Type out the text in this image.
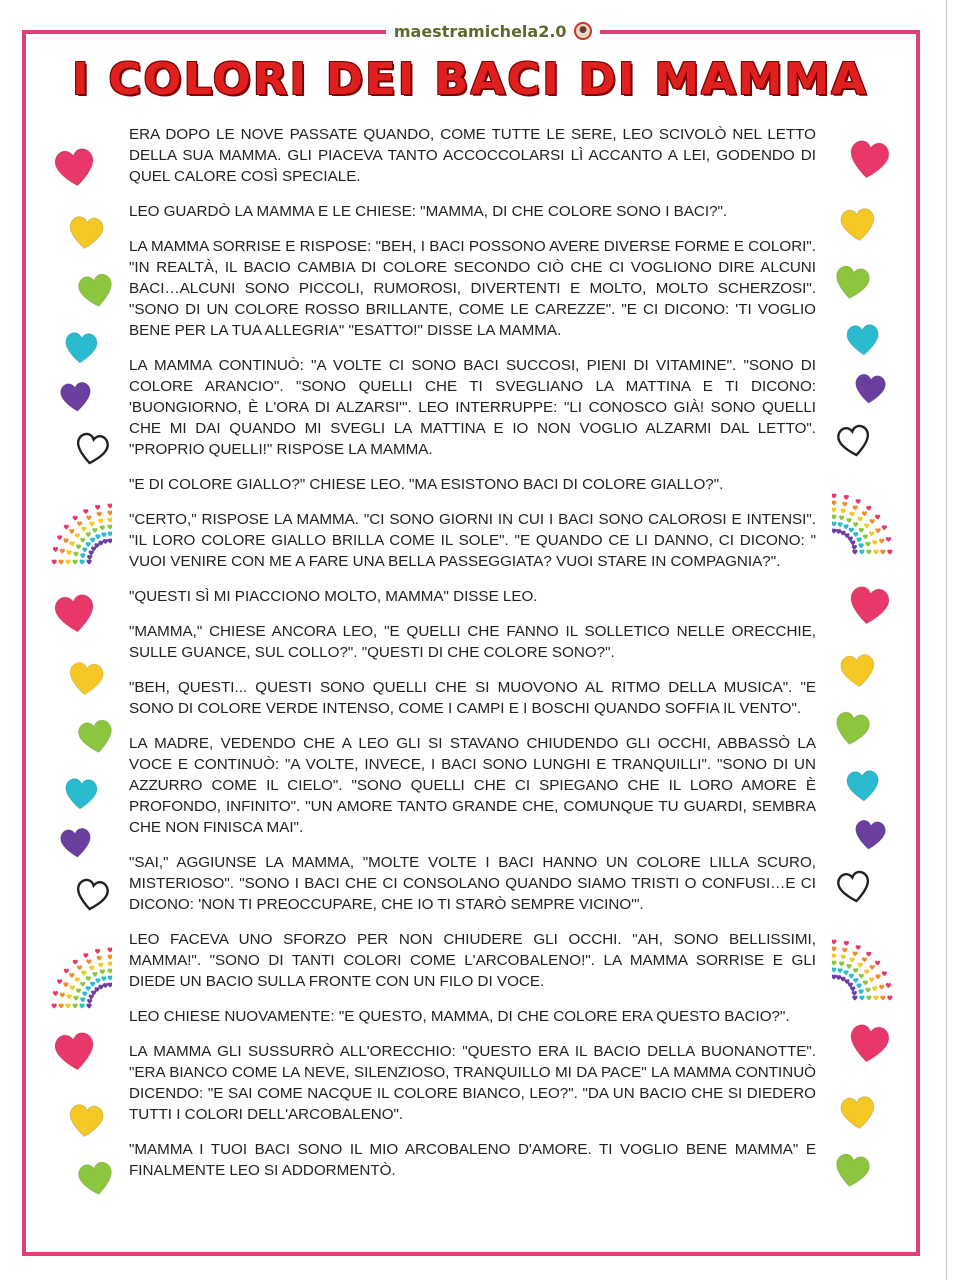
maestramichela2.0
I COLORI DEI BACI DI MAMMA

ERA DOPO LE NOVE PASSATE QUANDO, COME TUTTE LE SERE, LEO SCIVOLÒ NEL LETTO DELLA SUA MAMMA. GLI PIACEVA TANTO ACCOCCOLARSI LÌ ACCANTO A LEI, GODENDO DI QUEL CALORE COSÌ SPECIALE.

LEO GUARDÒ LA MAMMA E LE CHIESE: "MAMMA, DI CHE COLORE SONO I BACI?".

LA MAMMA SORRISE E RISPOSE: "BEH, I BACI POSSONO AVERE DIVERSE FORME E COLORI". "IN REALTÀ, IL BACIO CAMBIA DI COLORE SECONDO CIÒ CHE CI VOGLIONO DIRE ALCUNI BACI…ALCUNI SONO PICCOLI, RUMOROSI, DIVERTENTI E MOLTO, MOLTO SCHERZOSI". "SONO DI UN COLORE ROSSO BRILLANTE, COME LE CAREZZE". "E CI DICONO: 'TI VOGLIO BENE PER LA TUA ALLEGRIA" "ESATTO!" DISSE LA MAMMA.

LA MAMMA CONTINUÒ: "A VOLTE CI SONO BACI SUCCOSI, PIENI DI VITAMINE". "SONO DI COLORE ARANCIO". "SONO QUELLI CHE TI SVEGLIANO LA MATTINA E TI DICONO: 'BUONGIORNO, È L'ORA DI ALZARSI'". LEO INTERRUPPE: "LI CONOSCO GIÀ! SONO QUELLI CHE MI DAI QUANDO MI SVEGLI LA MATTINA E IO NON VOGLIO ALZARMI DAL LETTO". "PROPRIO QUELLI!" RISPOSE LA MAMMA.

"E DI COLORE GIALLO?" CHIESE LEO. "MA ESISTONO BACI DI COLORE GIALLO?".

"CERTO," RISPOSE LA MAMMA. "CI SONO GIORNI IN CUI I BACI SONO CALOROSI E INTENSI". "IL LORO COLORE GIALLO BRILLA COME IL SOLE". "E QUANDO CE LI DANNO, CI DICONO: " VUOI VENIRE CON ME A FARE UNA BELLA PASSEGGIATA? VUOI STARE IN COMPAGNIA?".

"QUESTI SÌ MI PIACCIONO MOLTO, MAMMA" DISSE LEO.

"MAMMA," CHIESE ANCORA LEO, "E QUELLI CHE FANNO IL SOLLETICO NELLE ORECCHIE, SULLE GUANCE, SUL COLLO?". "QUESTI DI CHE COLORE SONO?".

"BEH, QUESTI... QUESTI SONO QUELLI CHE SI MUOVONO AL RITMO DELLA MUSICA". "E SONO DI COLORE VERDE INTENSO, COME I CAMPI E I BOSCHI QUANDO SOFFIA IL VENTO".

LA MADRE, VEDENDO CHE A LEO GLI SI STAVANO CHIUDENDO GLI OCCHI, ABBASSÒ LA VOCE E CONTINUÒ: "A VOLTE, INVECE, I BACI SONO LUNGHI E TRANQUILLI". "SONO DI UN AZZURRO COME IL CIELO". "SONO QUELLI CHE CI SPIEGANO CHE IL LORO AMORE È PROFONDO, INFINITO". "UN AMORE TANTO GRANDE CHE, COMUNQUE TU GUARDI, SEMBRA CHE NON FINISCA MAI".

"SAI," AGGIUNSE LA MAMMA, "MOLTE VOLTE I BACI HANNO UN COLORE LILLA SCURO, MISTERIOSO". "SONO I BACI CHE CI CONSOLANO QUANDO SIAMO TRISTI O CONFUSI…E CI DICONO: 'NON TI PREOCCUPARE, CHE IO TI STARÒ SEMPRE VICINO'".

LEO FACEVA UNO SFORZO PER NON CHIUDERE GLI OCCHI. "AH, SONO BELLISSIMI, MAMMA!". "SONO DI TANTI COLORI COME L'ARCOBALENO!". LA MAMMA SORRISE E GLI DIEDE UN BACIO SULLA FRONTE CON UN FILO DI VOCE.

LEO CHIESE NUOVAMENTE: "E QUESTO, MAMMA, DI CHE COLORE ERA QUESTO BACIO?".

LA MAMMA GLI SUSSURRÒ ALL'ORECCHIO: "QUESTO ERA IL BACIO DELLA BUONANOTTE". "ERA BIANCO COME LA NEVE, SILENZIOSO, TRANQUILLO MI DA PACE" LA MAMMA CONTINUÒ DICENDO: "E SAI COME NACQUE IL COLORE BIANCO, LEO?". "DA UN BACIO CHE SI DIEDERO TUTTI I COLORI DELL'ARCOBALENO".

"MAMMA I TUOI BACI SONO IL MIO ARCOBALENO D'AMORE. TI VOGLIO BENE MAMMA" E FINALMENTE LEO SI ADDORMENTÒ.
